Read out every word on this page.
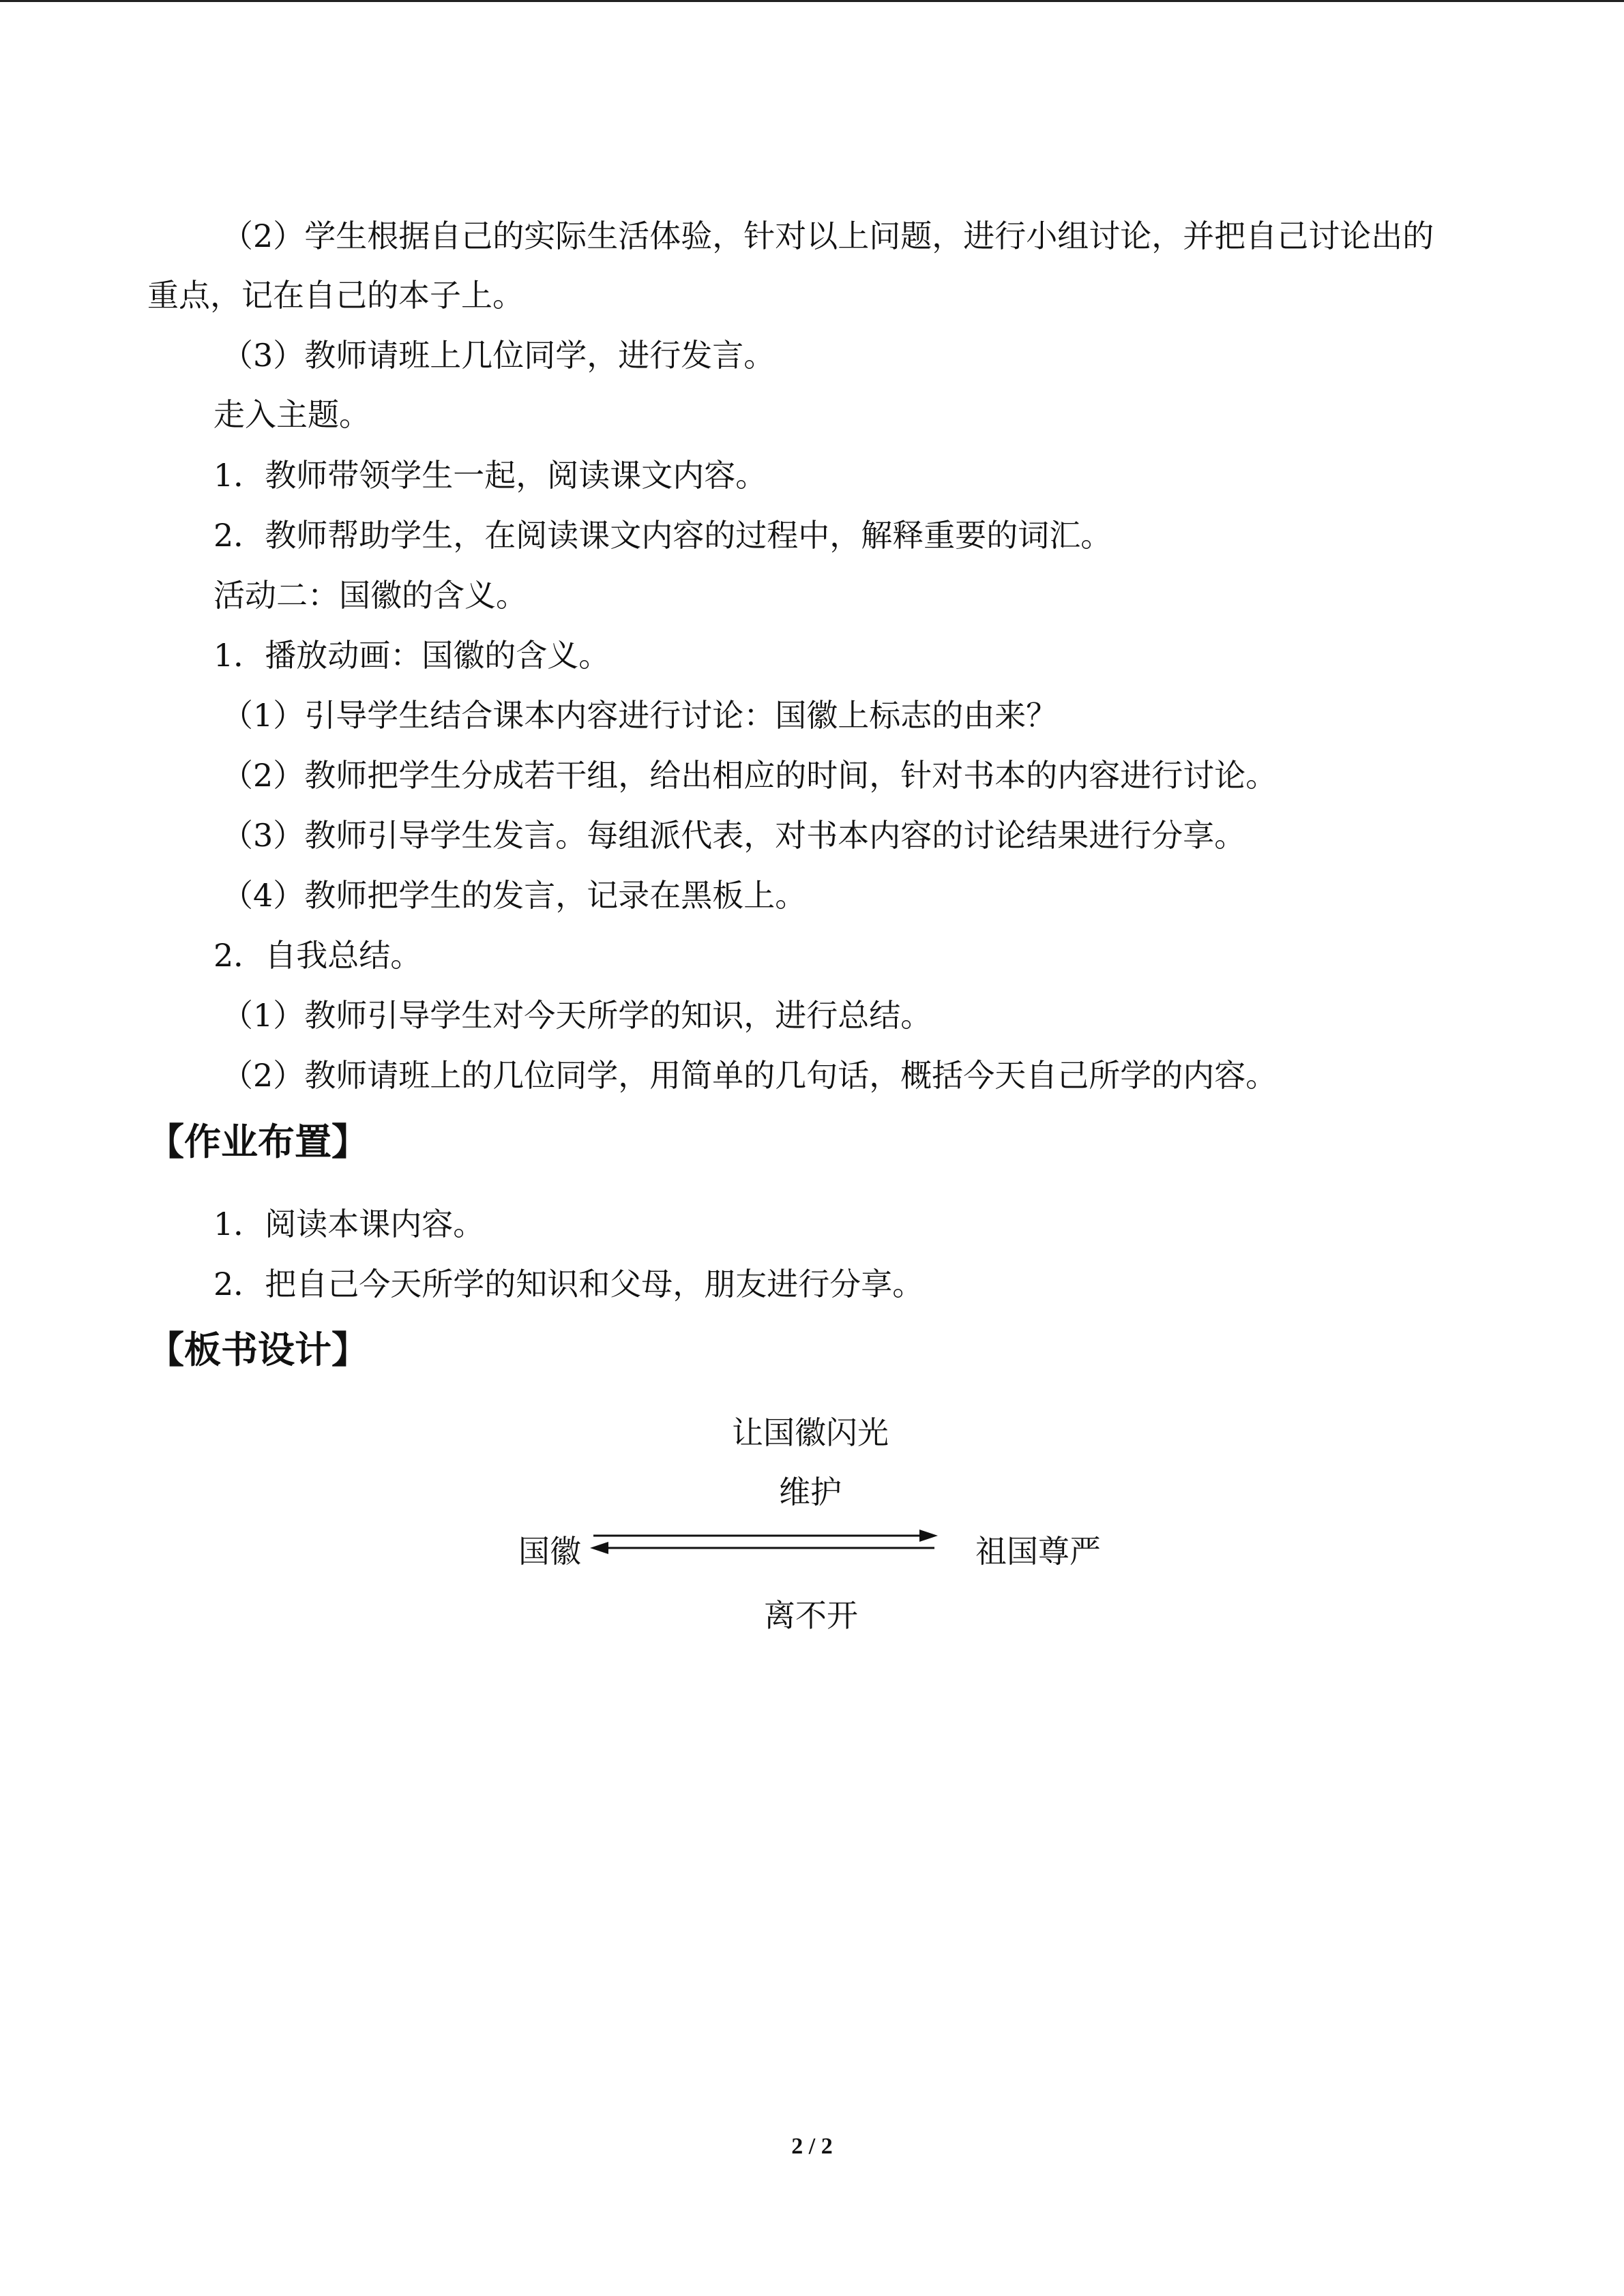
（2）学生根据自己的实际生活体验，针对以上问题，进行小组讨论，并把自己讨论出的
重点，记在自己的本子上。
（3）教师请班上几位同学，进行发言。
走入主题。
1．教师带领学生一起，阅读课文内容。
2．教师帮助学生，在阅读课文内容的过程中，解释重要的词汇。
活动二：国徽的含义。
1．播放动画：国徽的含义。
（1）引导学生结合课本内容进行讨论：国徽上标志的由来？
（2）教师把学生分成若干组，给出相应的时间，针对书本的内容进行讨论。
（3）教师引导学生发言。每组派代表，对书本内容的讨论结果进行分享。
（4）教师把学生的发言，记录在黑板上。
2．自我总结。
（1）教师引导学生对今天所学的知识，进行总结。
（2）教师请班上的几位同学，用简单的几句话，概括今天自己所学的内容。
【作业布置】
1．阅读本课内容。
2．把自己今天所学的知识和父母，朋友进行分享。
【板书设计】
让国徽闪光
维护
国徽	祖国尊严
离不开
2 / 2
